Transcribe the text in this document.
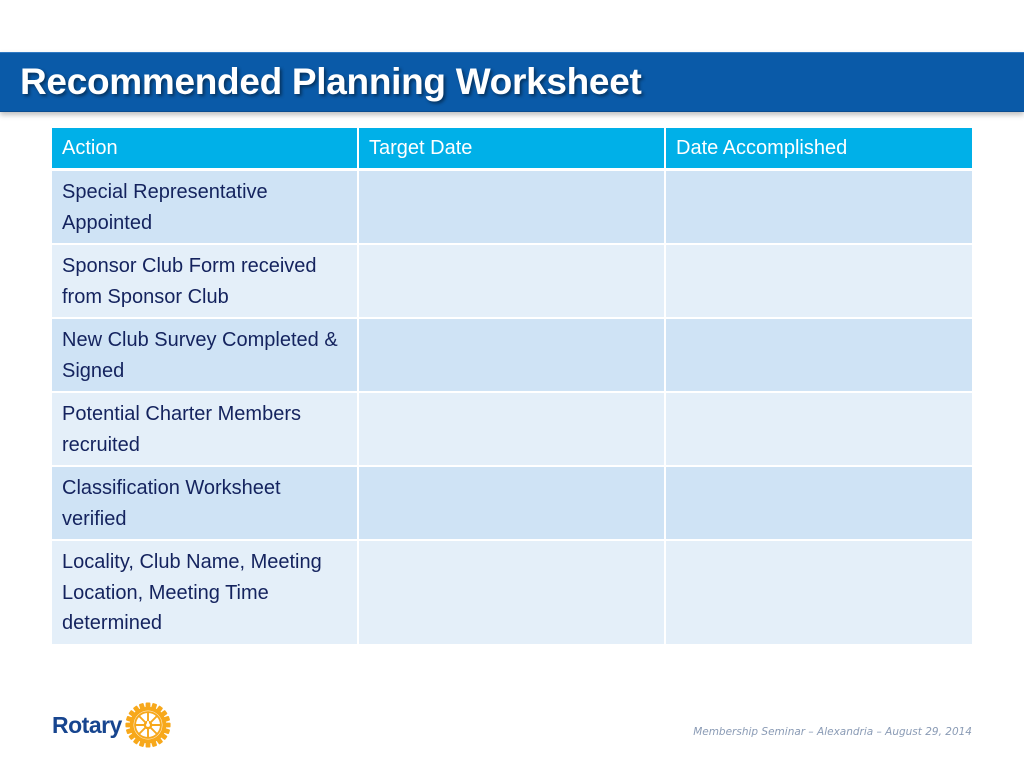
Recommended Planning Worksheet
Action	Target Date	Date Accomplished
Special Representative Appointed		
Sponsor Club Form received from Sponsor Club		
New Club Survey Completed & Signed		
Potential Charter Members recruited		
Classification Worksheet verified		
Locality, Club Name, Meeting Location, Meeting Time determined		
Rotary	Membership Seminar – Alexandria – August 29, 2014
